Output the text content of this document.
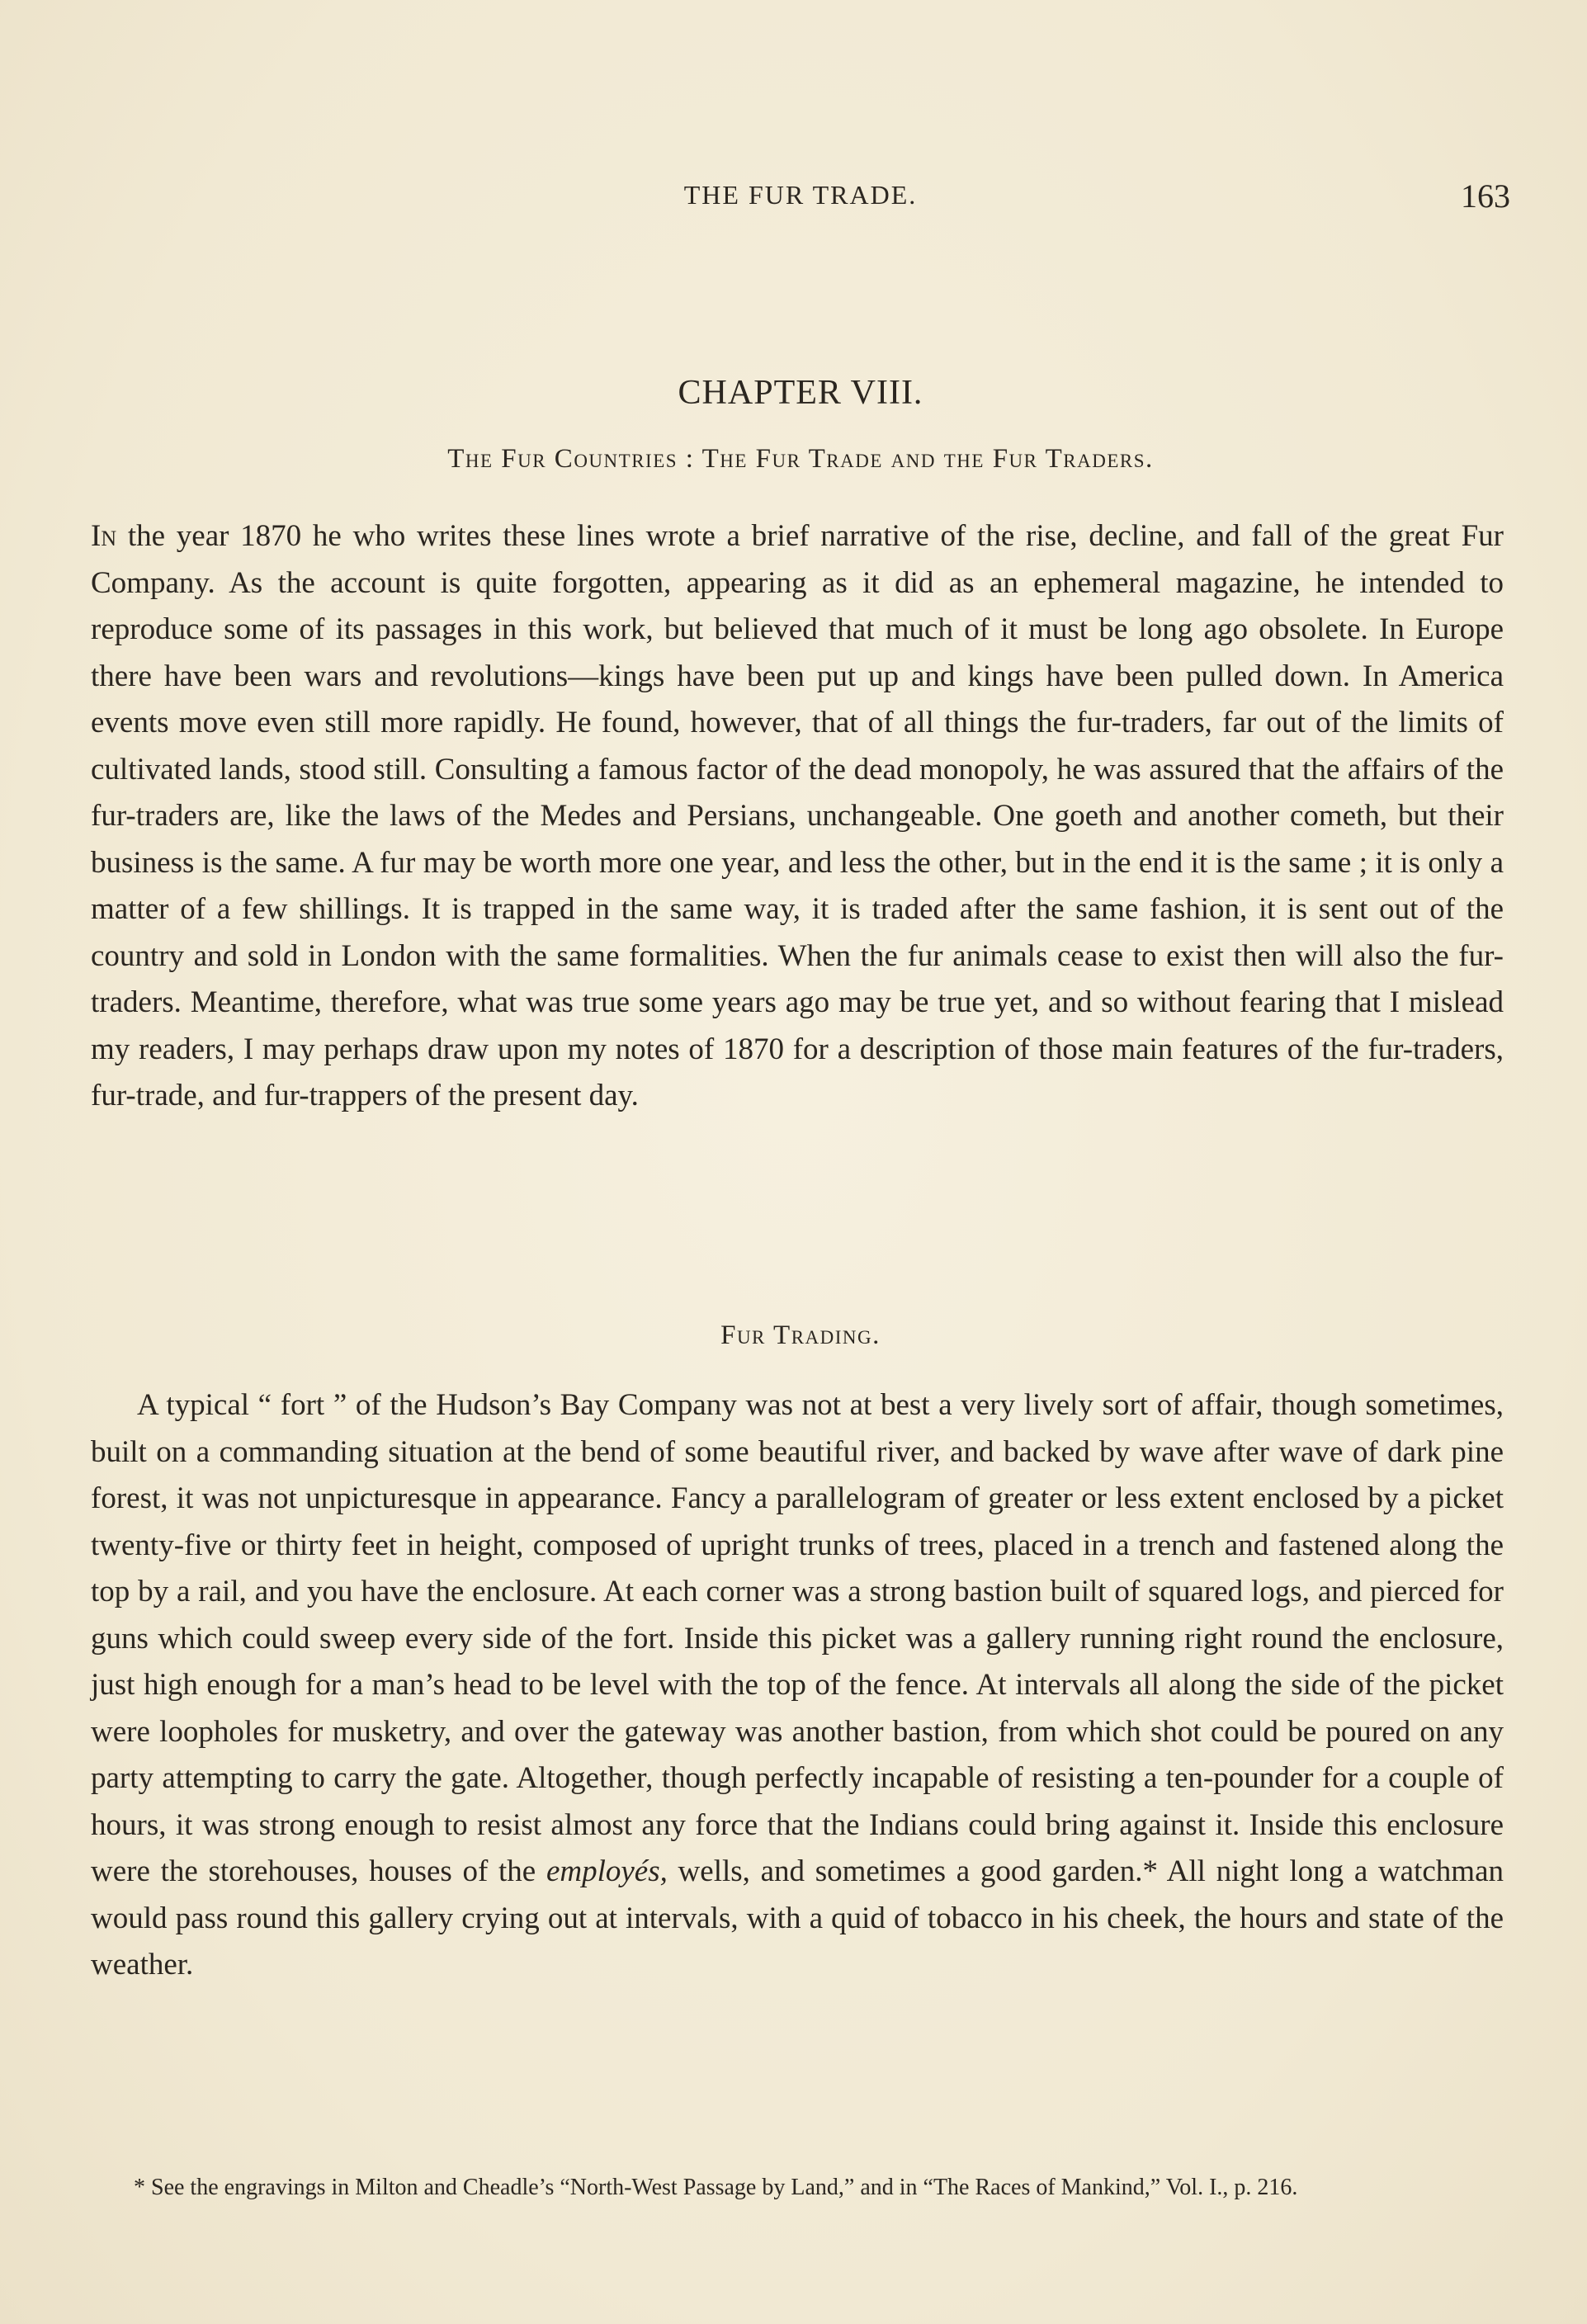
THE FUR TRADE.	163
CHAPTER VIII.
The Fur Countries : The Fur Trade and the Fur Traders.
In the year 1870 he who writes these lines wrote a brief narrative of the rise, decline, and fall of the great Fur Company. As the account is quite forgotten, appearing as it did as an ephemeral magazine, he intended to reproduce some of its passages in this work, but believed that much of it must be long ago obsolete. In Europe there have been wars and revolutions—kings have been put up and kings have been pulled down. In America events move even still more rapidly. He found, however, that of all things the fur-traders, far out of the limits of cultivated lands, stood still. Consulting a famous factor of the dead monopoly, he was assured that the affairs of the fur-traders are, like the laws of the Medes and Persians, unchangeable. One goeth and another cometh, but their business is the same. A fur may be worth more one year, and less the other, but in the end it is the same ; it is only a matter of a few shillings. It is trapped in the same way, it is traded after the same fashion, it is sent out of the country and sold in London with the same formalities. When the fur animals cease to exist then will also the fur-traders. Meantime, therefore, what was true some years ago may be true yet, and so without fearing that I mislead my readers, I may perhaps draw upon my notes of 1870 for a description of those main features of the fur-traders, fur-trade, and fur-trappers of the present day.
Fur Trading.
A typical “ fort ” of the Hudson’s Bay Company was not at best a very lively sort of affair, though sometimes, built on a commanding situation at the bend of some beautiful river, and backed by wave after wave of dark pine forest, it was not unpicturesque in appearance. Fancy a parallelogram of greater or less extent enclosed by a picket twenty-five or thirty feet in height, composed of upright trunks of trees, placed in a trench and fastened along the top by a rail, and you have the enclosure. At each corner was a strong bastion built of squared logs, and pierced for guns which could sweep every side of the fort. Inside this picket was a gallery running right round the enclosure, just high enough for a man’s head to be level with the top of the fence. At intervals all along the side of the picket were loopholes for musketry, and over the gateway was another bastion, from which shot could be poured on any party attempting to carry the gate. Altogether, though perfectly incapable of resisting a ten-pounder for a couple of hours, it was strong enough to resist almost any force that the Indians could bring against it. Inside this enclosure were the storehouses, houses of the employés, wells, and sometimes a good garden.* All night long a watchman would pass round this gallery crying out at intervals, with a quid of tobacco in his cheek, the hours and state of the weather.
* See the engravings in Milton and Cheadle’s “North-West Passage by Land,” and in “The Races of Mankind,” Vol. I., p. 216.
